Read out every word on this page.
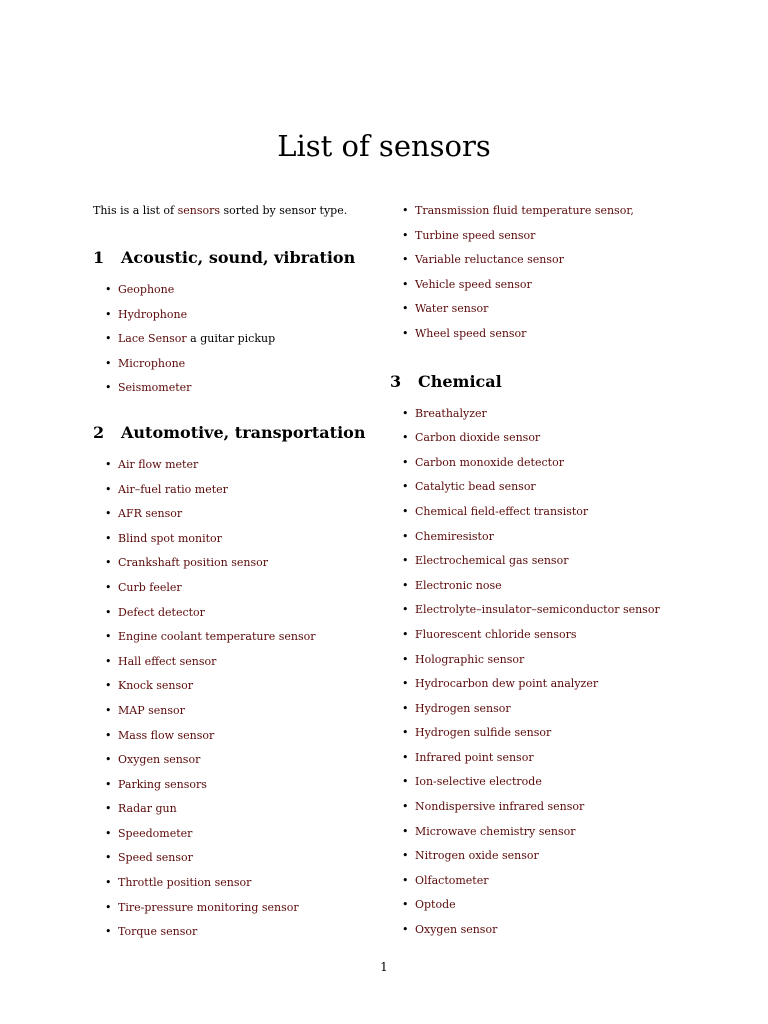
List of sensors

This is a list of sensors sorted by sensor type.

1	Acoustic, sound, vibration
• Geophone
• Hydrophone
• Lace Sensor a guitar pickup
• Microphone
• Seismometer
2	Automotive, transportation
• Air flow meter
• Air–fuel ratio meter
• AFR sensor
• Blind spot monitor
• Crankshaft position sensor
• Curb feeler
• Defect detector
• Engine coolant temperature sensor
• Hall effect sensor
• Knock sensor
• MAP sensor
• Mass flow sensor
• Oxygen sensor
• Parking sensors
• Radar gun
• Speedometer
• Speed sensor
• Throttle position sensor
• Tire-pressure monitoring sensor
• Torque sensor
• Transmission fluid temperature sensor,
• Turbine speed sensor
• Variable reluctance sensor
• Vehicle speed sensor
• Water sensor
• Wheel speed sensor
3	Chemical
• Breathalyzer
• Carbon dioxide sensor
• Carbon monoxide detector
• Catalytic bead sensor
• Chemical field-effect transistor
• Chemiresistor
• Electrochemical gas sensor
• Electronic nose
• Electrolyte–insulator–semiconductor sensor
• Fluorescent chloride sensors
• Holographic sensor
• Hydrocarbon dew point analyzer
• Hydrogen sensor
• Hydrogen sulfide sensor
• Infrared point sensor
• Ion-selective electrode
• Nondispersive infrared sensor
• Microwave chemistry sensor
• Nitrogen oxide sensor
• Olfactometer
• Optode
• Oxygen sensor
1
